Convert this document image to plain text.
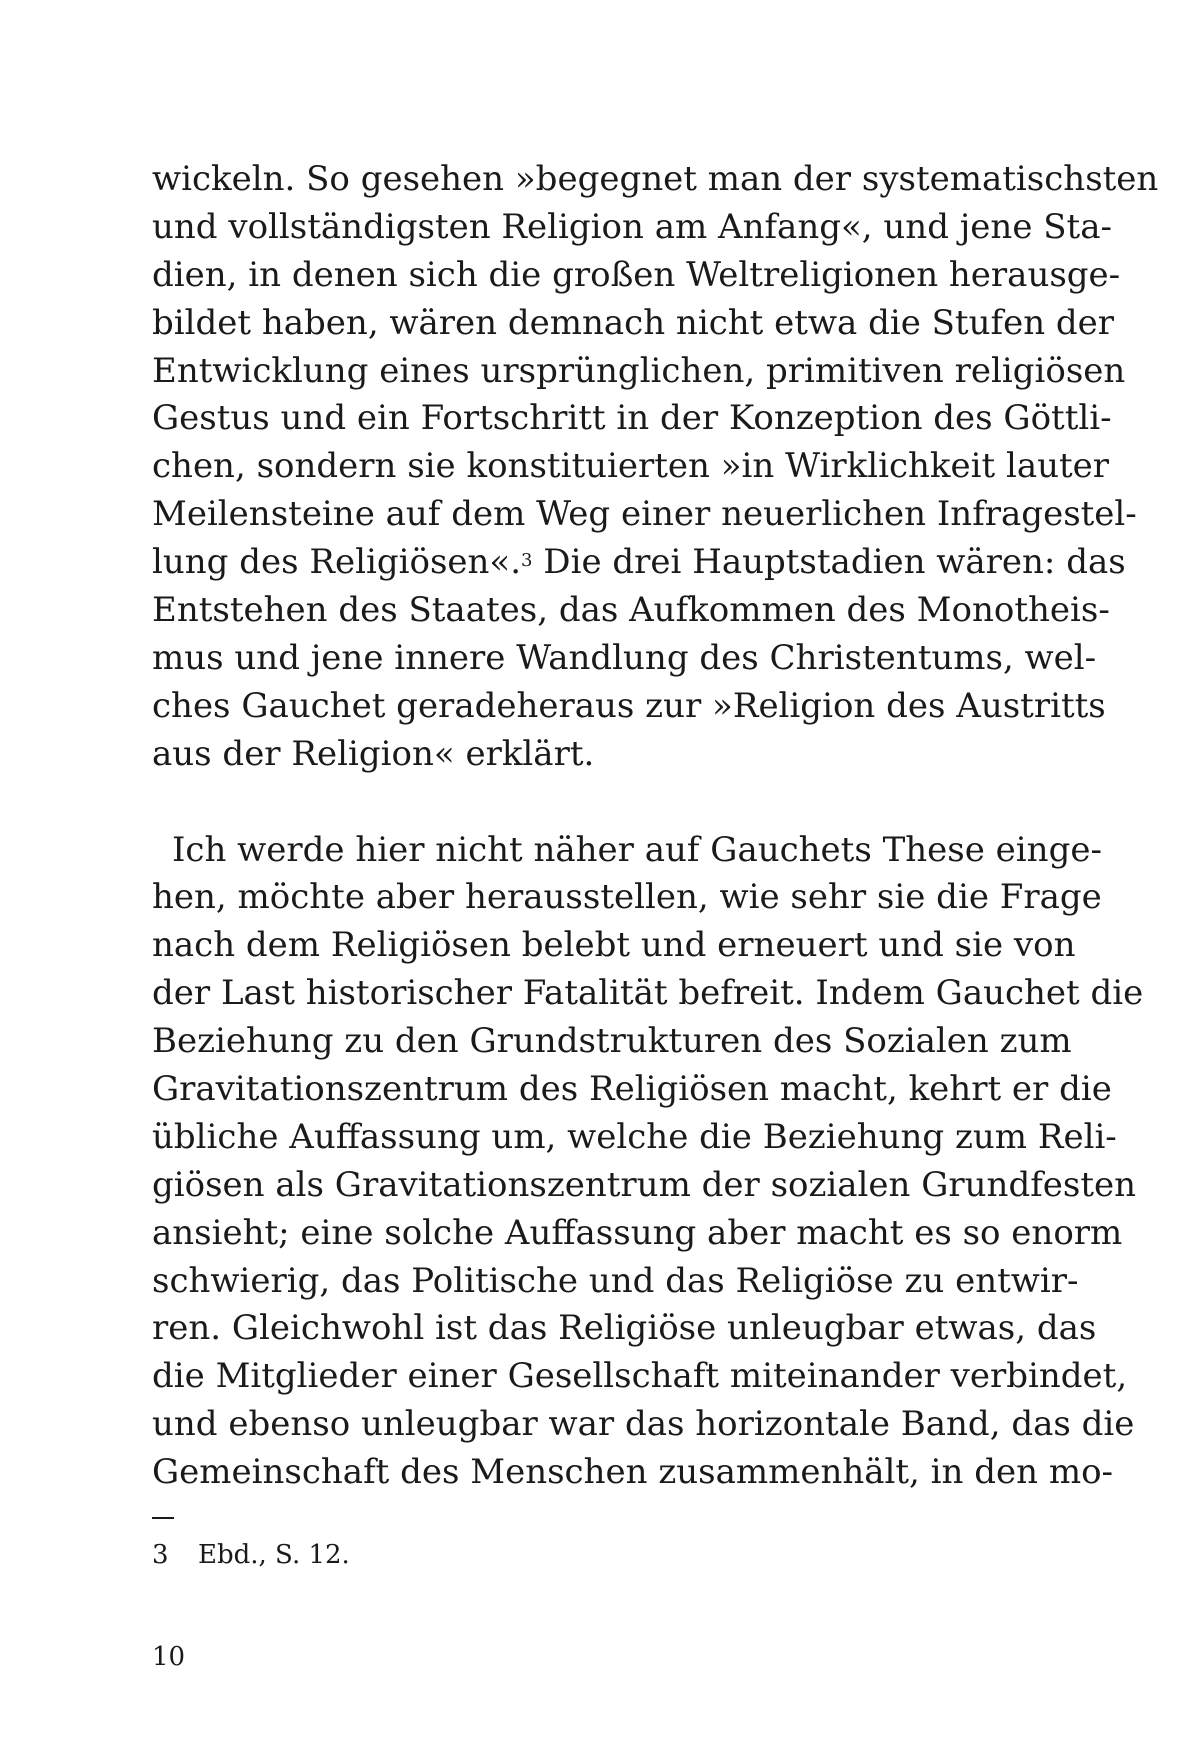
wickeln. So gesehen »begegnet man der systematischsten
und vollständigsten Religion am Anfang«, und jene Sta-
dien, in denen sich die großen Weltreligionen herausge-
bildet haben, wären demnach nicht etwa die Stufen der
Entwicklung eines ursprünglichen, primitiven religiösen
Gestus und ein Fortschritt in der Konzeption des Göttli-
chen, sondern sie konstituierten »in Wirklichkeit lauter
Meilensteine auf dem Weg einer neuerlichen Infragestel-
lung des Religiösen«.$^3$ Die drei Hauptstadien wären: das
Entstehen des Staates, das Aufkommen des Monotheis-
mus und jene innere Wandlung des Christentums, wel-
ches Gauchet geradeheraus zur »Religion des Austritts
aus der Religion« erklärt.
Ich werde hier nicht näher auf Gauchets These einge-
hen, möchte aber herausstellen, wie sehr sie die Frage
nach dem Religiösen belebt und erneuert und sie von
der Last historischer Fatalität befreit. Indem Gauchet die
Beziehung zu den Grundstrukturen des Sozialen zum
Gravitationszentrum des Religiösen macht, kehrt er die
übliche Auffassung um, welche die Beziehung zum Reli-
giösen als Gravitationszentrum der sozialen Grundfesten
ansieht; eine solche Auffassung aber macht es so enorm
schwierig, das Politische und das Religiöse zu entwir-
ren. Gleichwohl ist das Religiöse unleugbar etwas, das
die Mitglieder einer Gesellschaft miteinander verbindet,
und ebenso unleugbar war das horizontale Band, das die
Gemeinschaft des Menschen zusammenhält, in den mo-
3 Ebd., S. 12.
10
